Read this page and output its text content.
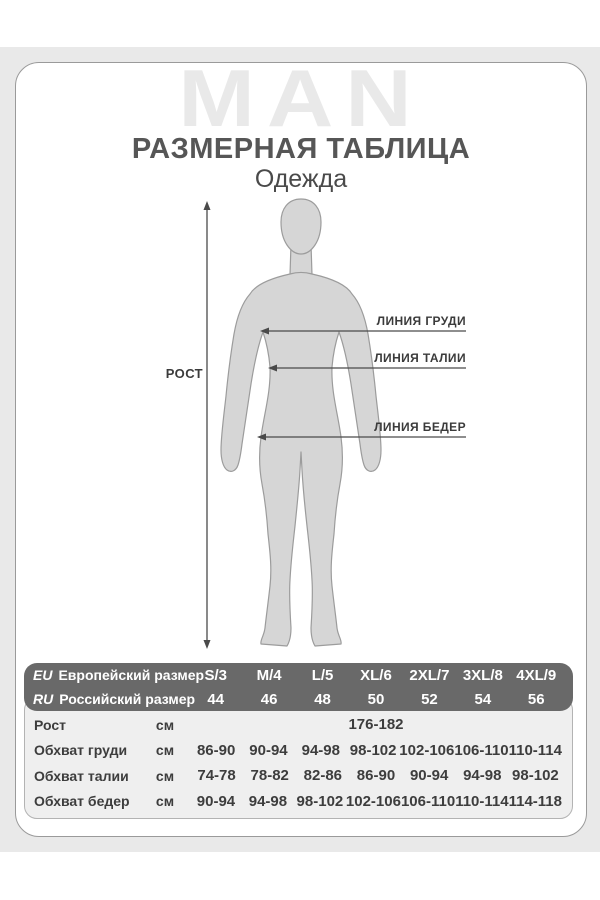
MAN
РАЗМЕРНАЯ ТАБЛИЦА
Одежда
РОСТ
ЛИНИЯ ГРУДИ
ЛИНИЯ ТАЛИИ
ЛИНИЯ БЕДЕР
EU Европейский размер S/3	M/4	L/5	XL/6	2XL/7 3XL/8 4XL/9
RU Российский размер 44	46	48	50	52	54	56
Рост	см	176-182
Обхват груди	см	86-90 90-94 94-98 98-102 102-106 106-110 110-114
Обхват талии	см	74-78 78-82 82-86 86-90 90-94 94-98 98-102
Обхват бедер	см	90-94 94-98 98-102 102-106 106-110 110-114 114-118
